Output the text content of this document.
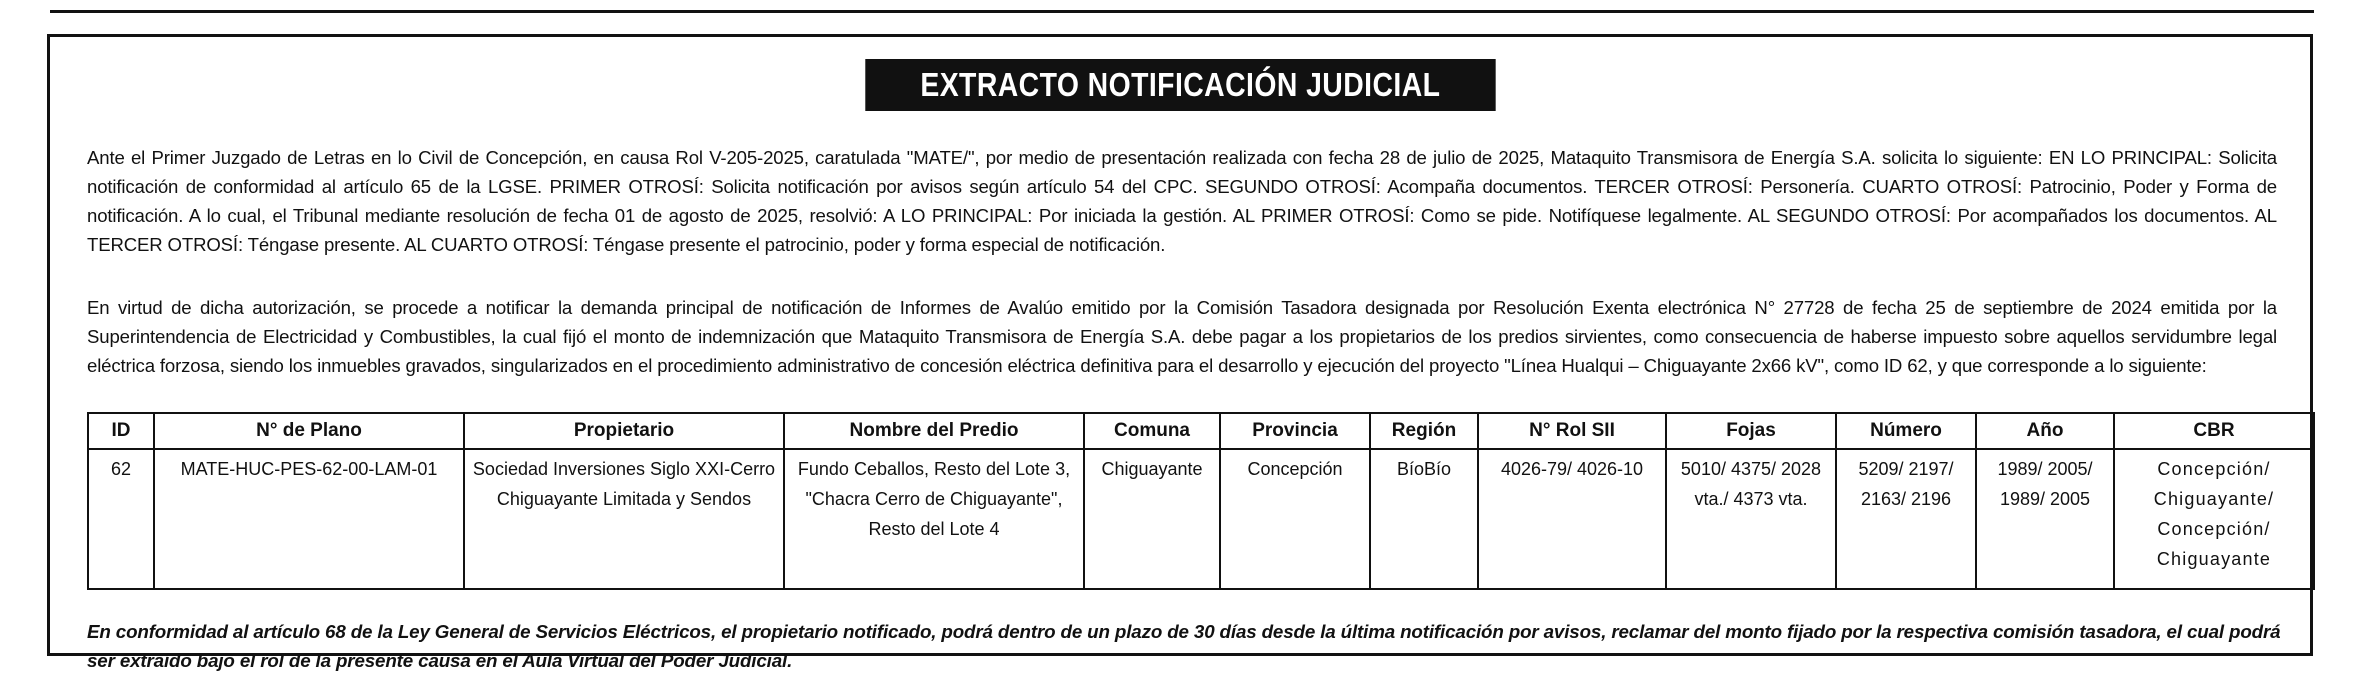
EXTRACTO NOTIFICACIÓN JUDICIAL
Ante el Primer Juzgado de Letras en lo Civil de Concepción, en causa Rol V-205-2025, caratulada "MATE/", por medio de presentación realizada con fecha 28 de julio de 2025, Mataquito Transmisora de Energía S.A. solicita lo siguiente: EN LO PRINCIPAL: Solicita notificación de conformidad al artículo 65 de la LGSE. PRIMER OTROSÍ: Solicita notificación por avisos según artículo 54 del CPC. SEGUNDO OTROSÍ: Acompaña documentos. TERCER OTROSÍ: Personería. CUARTO OTROSÍ: Patrocinio, Poder y Forma de notificación. A lo cual, el Tribunal mediante resolución de fecha 01 de agosto de 2025, resolvió: A LO PRINCIPAL: Por iniciada la gestión. AL PRIMER OTROSÍ: Como se pide. Notifíquese legalmente. AL SEGUNDO OTROSÍ: Por acompañados los documentos. AL TERCER OTROSÍ: Téngase presente. AL CUARTO OTROSÍ: Téngase presente el patrocinio, poder y forma especial de notificación.
En virtud de dicha autorización, se procede a notificar la demanda principal de notificación de Informes de Avalúo emitido por la Comisión Tasadora designada por Resolución Exenta electrónica N° 27728 de fecha 25 de septiembre de 2024 emitida por la Superintendencia de Electricidad y Combustibles, la cual fijó el monto de indemnización que Mataquito Transmisora de Energía S.A. debe pagar a los propietarios de los predios sirvientes, como consecuencia de haberse impuesto sobre aquellos servidumbre legal eléctrica forzosa, siendo los inmuebles gravados, singularizados en el procedimiento administrativo de concesión eléctrica definitiva para el desarrollo y ejecución del proyecto "Línea Hualqui – Chiguayante 2x66 kV", como ID 62, y que corresponde a lo siguiente:
ID	N° de Plano	Propietario	Nombre del Predio	Comuna	Provincia	Región	N° Rol SII	Fojas	Número	Año	CBR
62	MATE-HUC-PES-62-00-LAM-01	Sociedad Inversiones Siglo XXI-Cerro Chiguayante Limitada y Sendos	Fundo Ceballos, Resto del Lote 3, "Chacra Cerro de Chiguayante", Resto del Lote 4	Chiguayante	Concepción	BíoBío	4026-79/ 4026-10	5010/ 4375/ 2028 vta./ 4373 vta.	5209/ 2197/ 2163/ 2196	1989/ 2005/ 1989/ 2005	Concepción/ Chiguayante/ Concepción/ Chiguayante
En conformidad al artículo 68 de la Ley General de Servicios Eléctricos, el propietario notificado, podrá dentro de un plazo de 30 días desde la última notificación por avisos, reclamar del monto fijado por la respectiva comisión tasadora, el cual podrá ser extraído bajo el rol de la presente causa en el Aula Virtual del Poder Judicial.
